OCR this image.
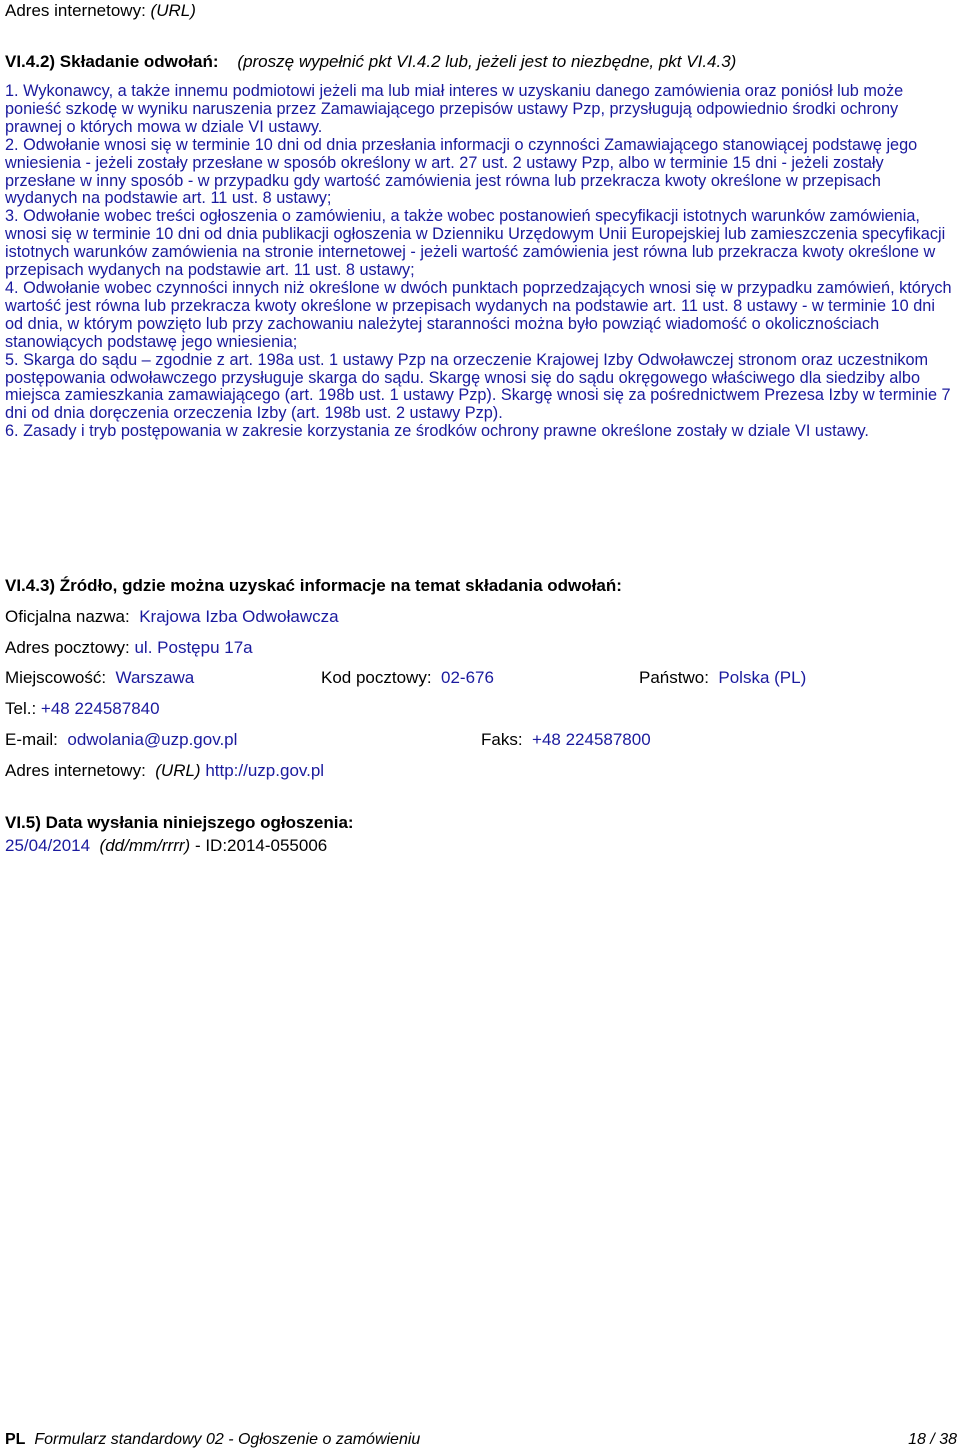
Adres internetowy: (URL)
VI.4.2) Składanie odwołań: (proszę wypełnić pkt VI.4.2 lub, jeżeli jest to niezbędne, pkt VI.4.3)

1. Wykonawcy, a także innemu podmiotowi jeżeli ma lub miał interes w uzyskaniu danego zamówienia oraz poniósł lub może ponieść szkodę w wyniku naruszenia przez Zamawiającego przepisów ustawy Pzp, przysługują odpowiednio środki ochrony prawnej o których mowa w dziale VI ustawy.

2. Odwołanie wnosi się w terminie 10 dni od dnia przesłania informacji o czynności Zamawiającego stanowiącej podstawę jego wniesienia - jeżeli zostały przesłane w sposób określony w art. 27 ust. 2 ustawy Pzp, albo w terminie 15 dni - jeżeli zostały przesłane w inny sposób - w przypadku gdy wartość zamówienia jest równa lub przekracza kwoty określone w przepisach wydanych na podstawie art. 11 ust. 8 ustawy;

3. Odwołanie wobec treści ogłoszenia o zamówieniu, a także wobec postanowień specyfikacji istotnych warunków zamówienia, wnosi się w terminie 10 dni od dnia publikacji ogłoszenia w Dzienniku Urzędowym Unii Europejskiej lub zamieszczenia specyfikacji istotnych warunków zamówienia na stronie internetowej - jeżeli wartość zamówienia jest równa lub przekracza kwoty określone w przepisach wydanych na podstawie art. 11 ust. 8 ustawy;

4. Odwołanie wobec czynności innych niż określone w dwóch punktach poprzedzających wnosi się w przypadku zamówień, których wartość jest równa lub przekracza kwoty określone w przepisach wydanych na podstawie art. 11 ust. 8 ustawy - w terminie 10 dni od dnia, w którym powzięto lub przy zachowaniu należytej staranności można było powziąć wiadomość o okolicznościach stanowiących podstawę jego wniesienia;

5. Skarga do sądu – zgodnie z art. 198a ust. 1 ustawy Pzp na orzeczenie Krajowej Izby Odwoławczej stronom oraz uczestnikom postępowania odwoławczego przysługuje skarga do sądu. Skargę wnosi się do sądu okręgowego właściwego dla siedziby albo miejsca zamieszkania zamawiającego (art. 198b ust. 1 ustawy Pzp). Skargę wnosi się za pośrednictwem Prezesa Izby w terminie 7 dni od dnia doręczenia orzeczenia Izby (art. 198b ust. 2 ustawy Pzp).

6. Zasady i tryb postępowania w zakresie korzystania ze środków ochrony prawne określone zostały w dziale VI ustawy.

VI.4.3) Źródło, gdzie można uzyskać informacje na temat składania odwołań:
Oficjalna nazwa: Krajowa Izba Odwoławcza
Adres pocztowy: ul. Postępu 17a
Miejscowość: Warszawa	Kod pocztowy: 02-676	Państwo: Polska (PL)
Tel.: +48 224587840
E-mail: odwolania@uzp.gov.pl	Faks: +48 224587800
Adres internetowy: (URL) http://uzp.gov.pl
VI.5) Data wysłania niniejszego ogłoszenia:
25/04/2014 (dd/mm/rrrr) - ID:2014-055006
PL Formularz standardowy 02 - Ogłoszenie o zamówieniu	18 / 38
